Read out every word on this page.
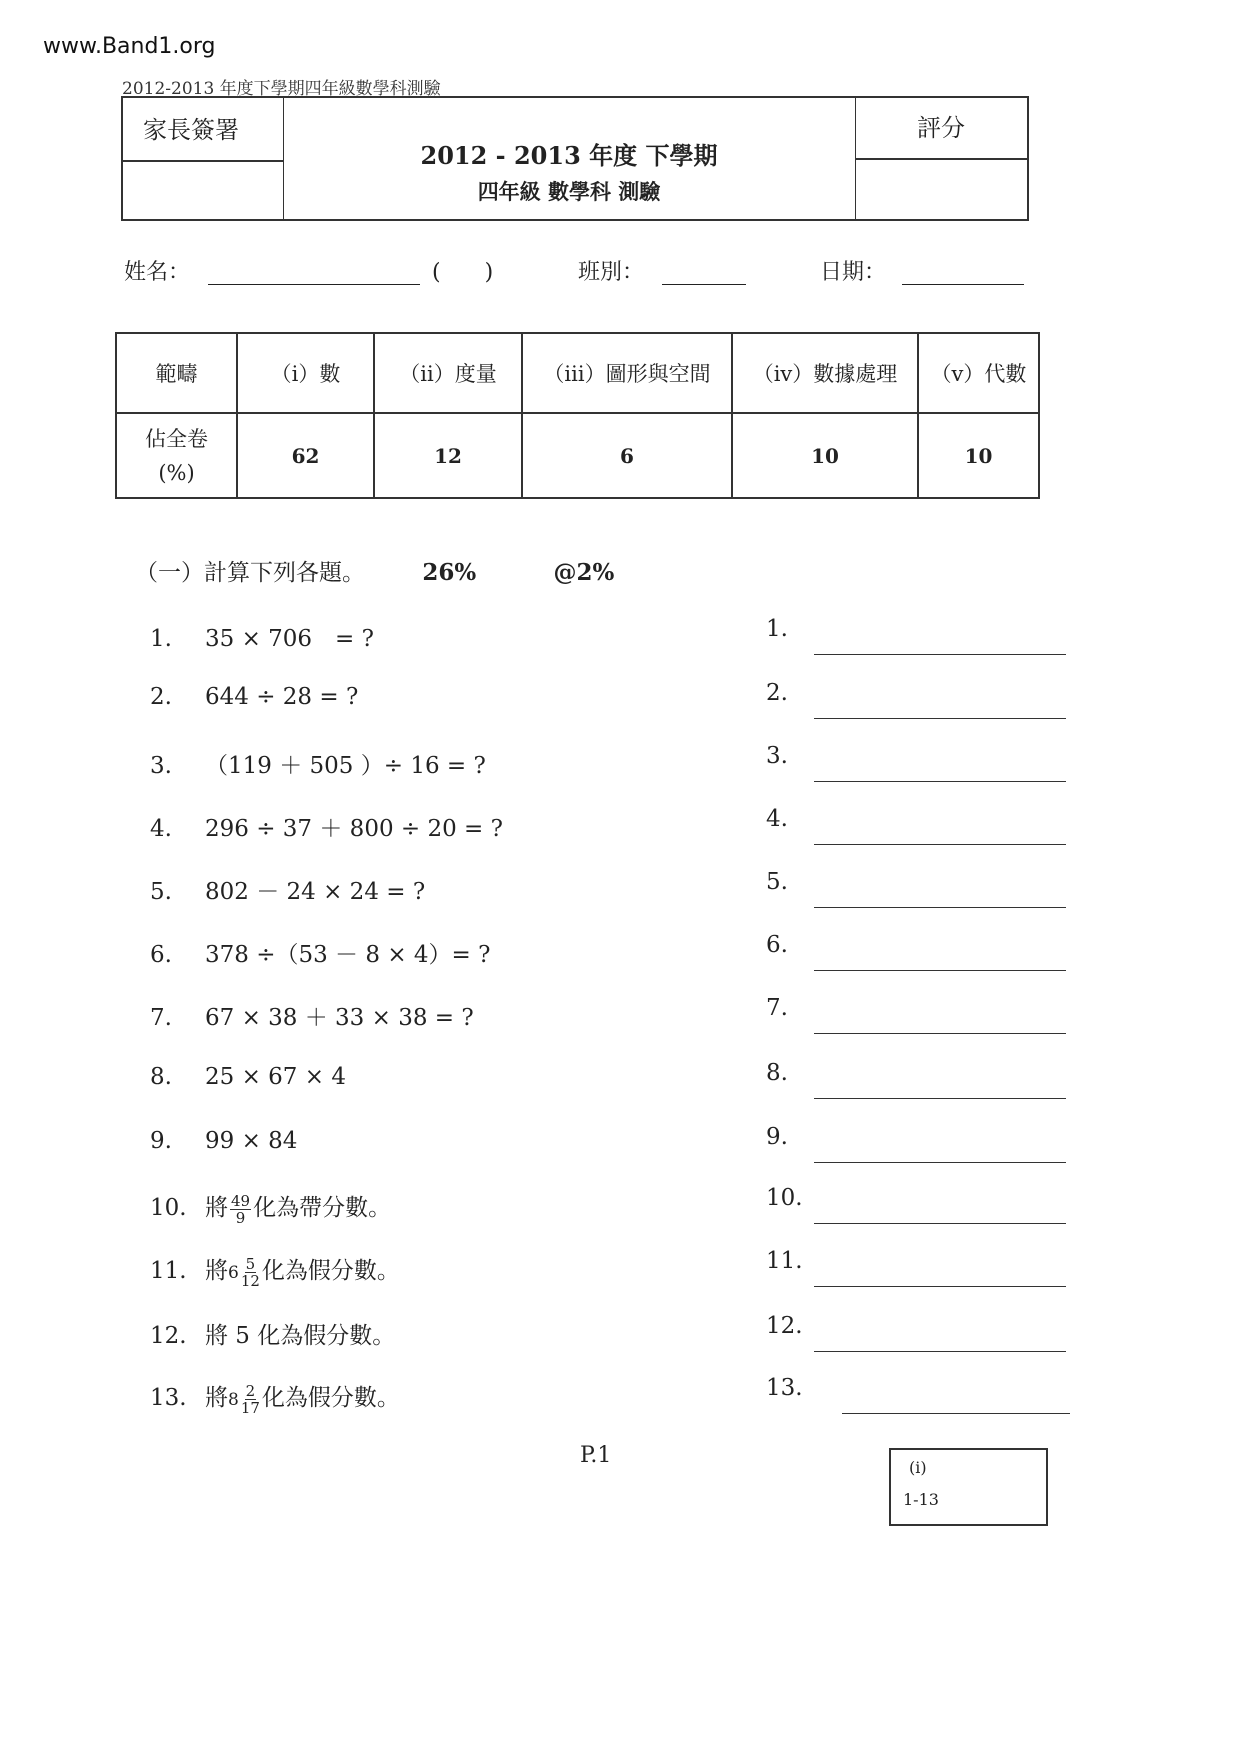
www.Band1.org
2012-2013 年度下學期四年級數學科測驗
家長簽署
2012 - 2013 年度 下學期
四年級 數學科 測驗
評分
姓名：	(　　)	班別：	日期：
範疇	（i）數	（ii）度量	（iii）圖形與空間	（iv）數據處理	（v）代數

佔全卷
(%)	62	12	6	10	10
（一）計算下列各題。 26%	@2%
1. 35 × 706　= ?	1.
2. 644 ÷ 28 = ?	2.
3. （119 ＋ 505 ）÷ 16 = ?	3.
4. 296 ÷ 37 ＋ 800 ÷ 20 = ?	4.
5. 802 － 24 × 24 = ?	5.
6. 378 ÷（53 － 8 × 4）= ?	6.
7. 67 × 38 ＋ 33 × 38 = ?	7.
8. 25 × 67 × 4	8.
9. 99 × 84	9.
10. 將 $\frac{49}{9}$ 化為帶分數。	10.
11. 將$6 \frac{5}{12}$ 化為假分數。	11.
12. 將 5 化為假分數。	12.
13. 將$8 \frac{2}{17}$ 化為假分數。	13.
P.1	(i)
1-13
